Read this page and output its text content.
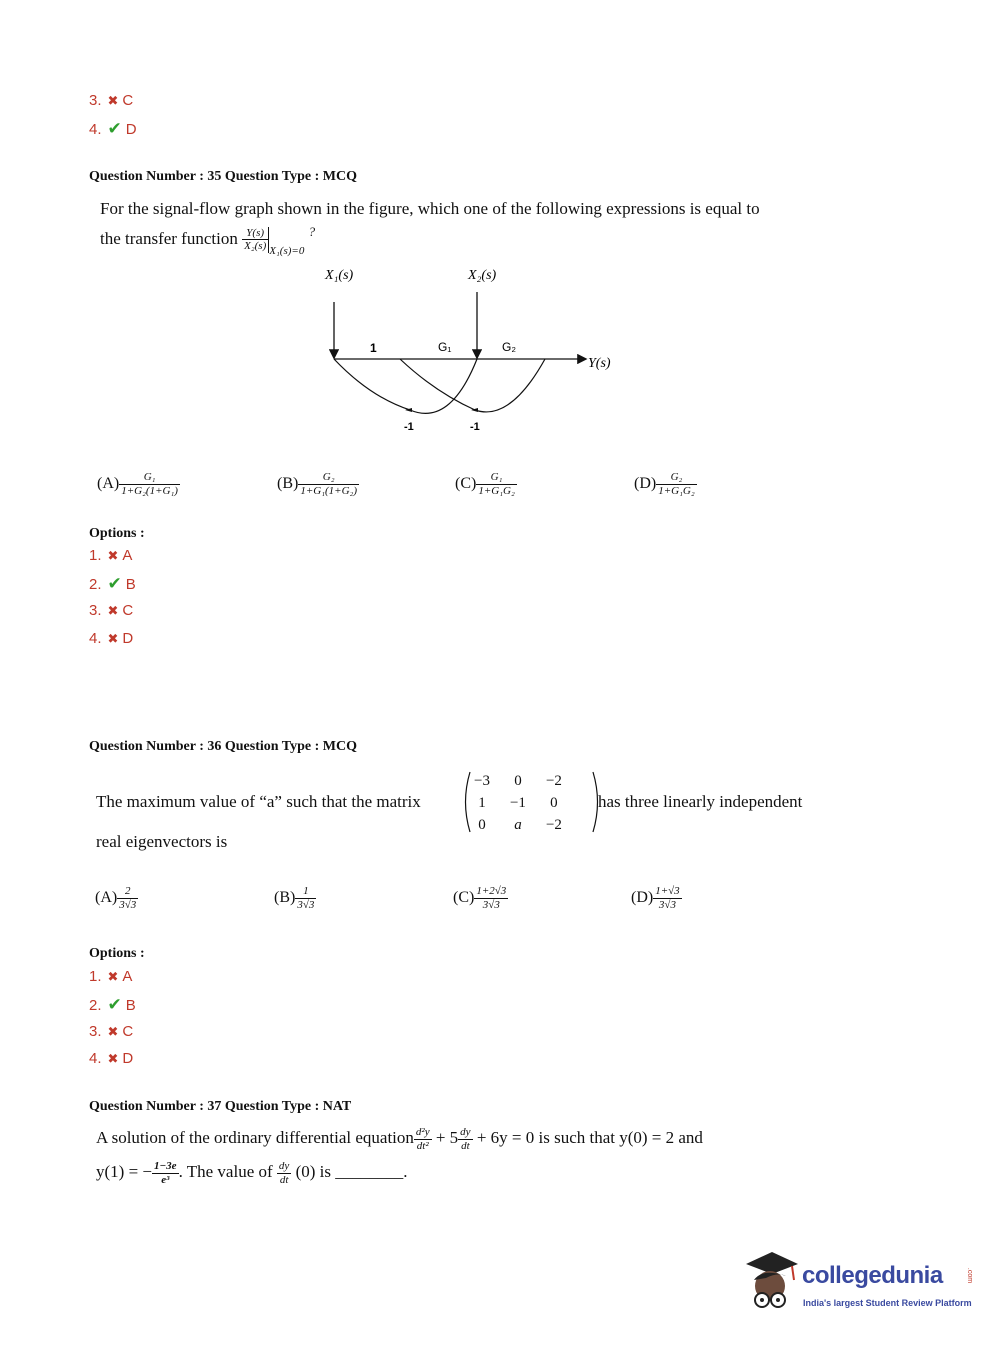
3. ✖ C
4. ✔ D
Question Number : 35 Question Type : MCQ
For the signal-flow graph shown in the figure, which one of the following expressions is equal to
the transfer function $\frac{Y(s)}{\text{X₂(s)}} _{X_1(s)=0}$ ?
X₁(s)	X₂(s)
1	G₁	G₂
Y(s)
-1	-1
$(A) \frac{\text{G₁}}{\text{1+G₂(1+G₁)}}$	$(B) \frac{\text{G₂}}{\text{1+G₁(1+G₂)}}$	$(C) \frac{\text{G₁}}{\text{1+G₁G₂}}$	$(D) \frac{\text{G₂}}{\text{1+G₁G₂}}$
Options :
1. ✖ A
2. ✔ B
3. ✖ C
4. ✖ D
Question Number : 36 Question Type : MCQ
The maximum value of “a” such that the matrix
−3	0	−2
1	−1	0
0	a	−2
has three linearly independent
real eigenvectors is
$(A) \frac{2}{3√3}$	$(B) \frac{1}{3√3}$	$(C) \frac{1+2√3}{3√3}$	$(D) \frac{1+√3}{3√3}$
Options :
1. ✖ A
2. ✔ B
3. ✖ C
4. ✖ D
Question Number : 37 Question Type : NAT
A solution of the ordinary differential equation $\frac{\text{d²y}}{\text{dt²}} + 5 \frac{dy}{dt} + 6y = 0$ is such that y(0) = 2 and
y(1) = − $\frac{1-3e}{\text{e³}}$ . The value of $\frac{dy}{dt} (0)$ is ________.
collegedunia	.com
India's largest Student Review Platform
